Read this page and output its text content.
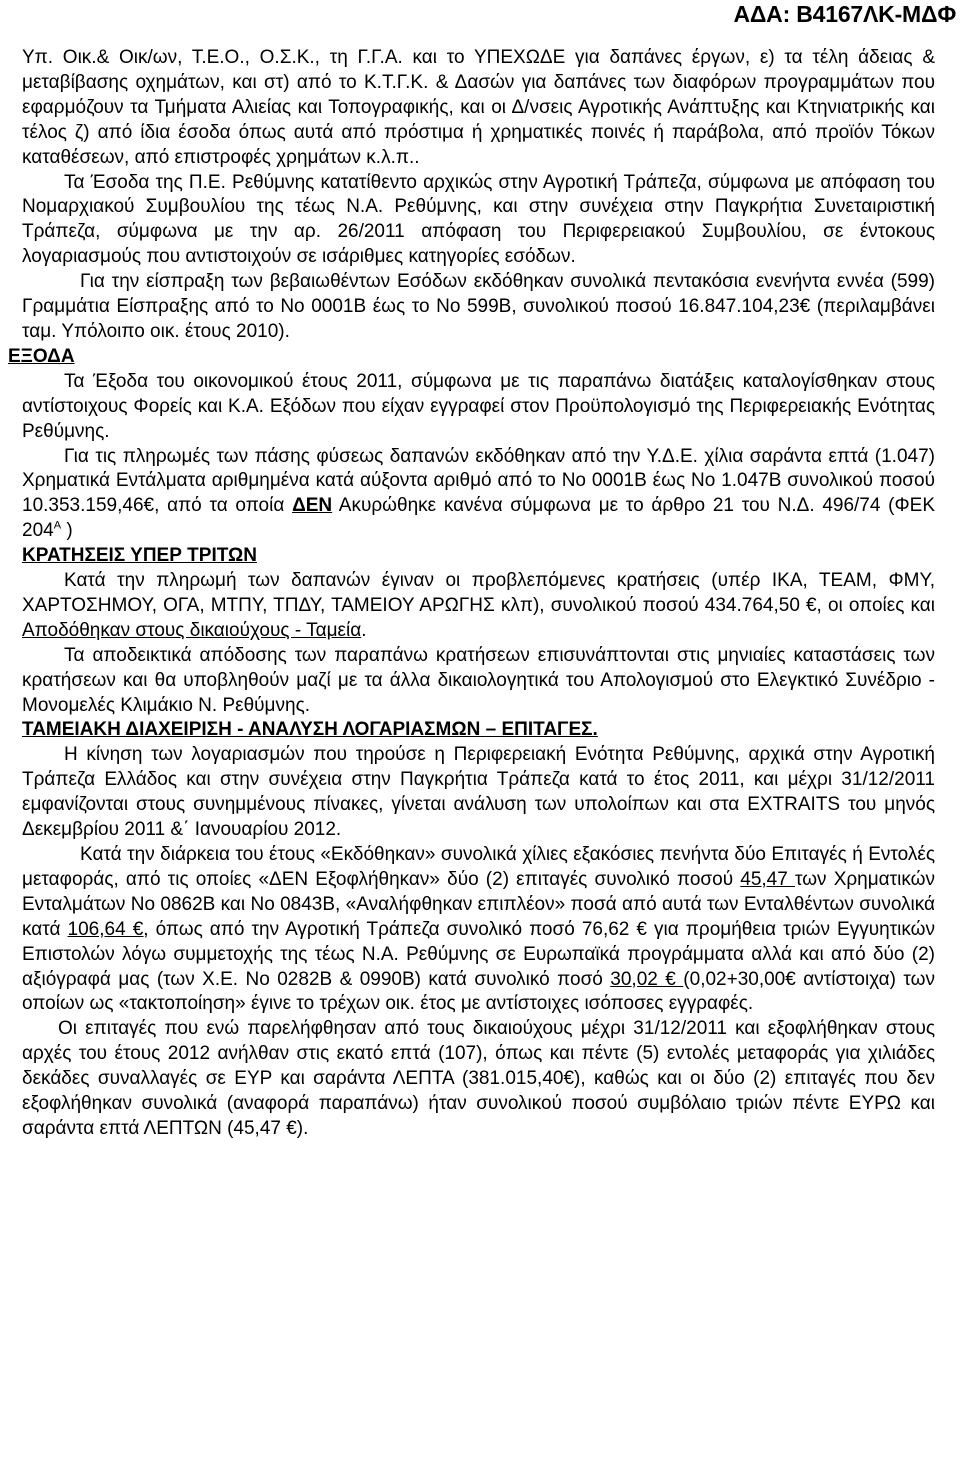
ΑΔΑ: Β4167ΛΚ-ΜΔΦ

Υπ. Οικ.& Οικ/ων, Τ.Ε.Ο., Ο.Σ.Κ., τη Γ.Γ.Α. και το ΥΠΕΧΩΔΕ για δαπάνες έργων, ε) τα τέλη άδειας & μεταβίβασης οχημάτων, και στ) από το Κ.Τ.Γ.Κ. & Δασών για δαπάνες των διαφόρων προγραμμάτων που εφαρμόζουν τα Τμήματα Αλιείας και Τοπογραφικής, και οι Δ/νσεις Αγροτικής Ανάπτυξης και Κτηνιατρικής και τέλος ζ) από ίδια έσοδα όπως αυτά από πρόστιμα ή χρηματικές ποινές ή παράβολα, από προϊόν Τόκων καταθέσεων, από επιστροφές χρημάτων κ.λ.π..

Τα Έσοδα της Π.Ε. Ρεθύμνης κατατίθεντο αρχικώς στην Αγροτική Τράπεζα, σύμφωνα με απόφαση του Νομαρχιακού Συμβουλίου της τέως Ν.Α. Ρεθύμνης, και στην συνέχεια στην Παγκρήτια Συνεταιριστική Τράπεζα, σύμφωνα με την αρ. 26/2011 απόφαση του Περιφερειακού Συμβουλίου, σε έντοκους λογαριασμούς που αντιστοιχούν σε ισάριθμες κατηγορίες εσόδων.

Για την είσπραξη των βεβαιωθέντων Εσόδων εκδόθηκαν συνολικά πεντακόσια ενενήντα εννέα (599) Γραμμάτια Είσπραξης από το Νο 0001Β έως το Νο 599Β, συνολικού ποσού 16.847.104,23€ (περιλαμβάνει ταμ. Υπόλοιπο οικ. έτους 2010).

ΕΞΟΔΑ

Τα Έξοδα του οικονομικού έτους 2011, σύμφωνα με τις παραπάνω διατάξεις καταλογίσθηκαν στους αντίστοιχους Φορείς και Κ.Α. Εξόδων που είχαν εγγραφεί στον Προϋπολογισμό της Περιφερειακής Ενότητας Ρεθύμνης.

Για τις πληρωμές των πάσης φύσεως δαπανών εκδόθηκαν από την Υ.Δ.Ε. χίλια σαράντα επτά (1.047) Χρηματικά Εντάλματα αριθμημένα κατά αύξοντα αριθμό από το Νο 0001Β έως Νο 1.047Β συνολικού ποσού 10.353.159,46€, από τα οποία ΔΕΝ Ακυρώθηκε κανένα σύμφωνα με το άρθρο 21 του Ν.Δ. 496/74 (ΦΕΚ $204^A$ )

ΚΡΑΤΗΣΕΙΣ ΥΠΕΡ ΤΡΙΤΩΝ

Κατά την πληρωμή των δαπανών έγιναν οι προβλεπόμενες κρατήσεις (υπέρ ΙΚΑ, ΤΕΑΜ, ΦΜΥ, ΧΑΡΤΟΣΗΜΟΥ, ΟΓΑ, ΜΤΠΥ, ΤΠΔΥ, ΤΑΜΕΙΟΥ ΑΡΩΓΗΣ κλπ), συνολικού ποσού 434.764,50 €, οι οποίες και Αποδόθηκαν στους δικαιούχους - Ταμεία.

Τα αποδεικτικά απόδοσης των παραπάνω κρατήσεων επισυνάπτονται στις μηνιαίες καταστάσεις των κρατήσεων και θα υποβληθούν μαζί με τα άλλα δικαιολογητικά του Απολογισμού στο Ελεγκτικό Συνέδριο - Μονομελές Κλιμάκιο Ν. Ρεθύμνης.

ΤΑΜΕΙΑΚΗ ΔΙΑΧΕΙΡΙΣΗ - ΑΝΑΛΥΣΗ ΛΟΓΑΡΙΑΣΜΩΝ – ΕΠΙΤΑΓΕΣ.

Η κίνηση των λογαριασμών που τηρούσε η Περιφερειακή Ενότητα Ρεθύμνης, αρχικά στην Αγροτική Τράπεζα Ελλάδος και στην συνέχεια στην Παγκρήτια Τράπεζα κατά το έτος 2011, και μέχρι 31/12/2011 εμφανίζονται στους συνημμένους πίνακες, γίνεται ανάλυση των υπολοίπων και στα EXTRAITS του μηνός Δεκεμβρίου 2011 &΄ Ιανουαρίου 2012.

Κατά την διάρκεια του έτους «Εκδόθηκαν» συνολικά χίλιες εξακόσιες πενήντα δύο Επιταγές ή Εντολές μεταφοράς, από τις οποίες «ΔΕΝ Εξοφλήθηκαν» δύο (2) επιταγές συνολικό ποσού 45,47 των Χρηματικών Ενταλμάτων Νο 0862Β και Νο 0843Β, «Αναλήφθηκαν επιπλέον» ποσά από αυτά των Ενταλθέντων συνολικά κατά 106,64 €, όπως από την Αγροτική Τράπεζα συνολικό ποσό 76,62 € για προμήθεια τριών Εγγυητικών Επιστολών λόγω συμμετοχής της τέως Ν.Α. Ρεθύμνης σε Ευρωπαϊκά προγράμματα αλλά και από δύο (2) αξιόγραφά μας (των Χ.Ε. Νο 0282Β & 0990Β) κατά συνολικό ποσό 30,02 € (0,02+30,00€ αντίστοιχα) των οποίων ως «τακτοποίηση» έγινε το τρέχων οικ. έτος με αντίστοιχες ισόποσες εγγραφές.

Οι επιταγές που ενώ παρελήφθησαν από τους δικαιούχους μέχρι 31/12/2011 και εξοφλήθηκαν στους αρχές του έτους 2012 ανήλθαν στις εκατό επτά (107), όπως και πέντε (5) εντολές μεταφοράς για χιλιάδες δεκάδες συναλλαγές σε ΕΥΡ και σαράντα ΛΕΠΤΑ (381.015,40€), καθώς και οι δύο (2) επιταγές που δεν εξοφλήθηκαν συνολικά (αναφορά παραπάνω) ήταν συνολικού ποσού συμβόλαιο τριών πέντε ΕΥΡΩ και σαράντα επτά ΛΕΠΤΩΝ (45,47 €).
